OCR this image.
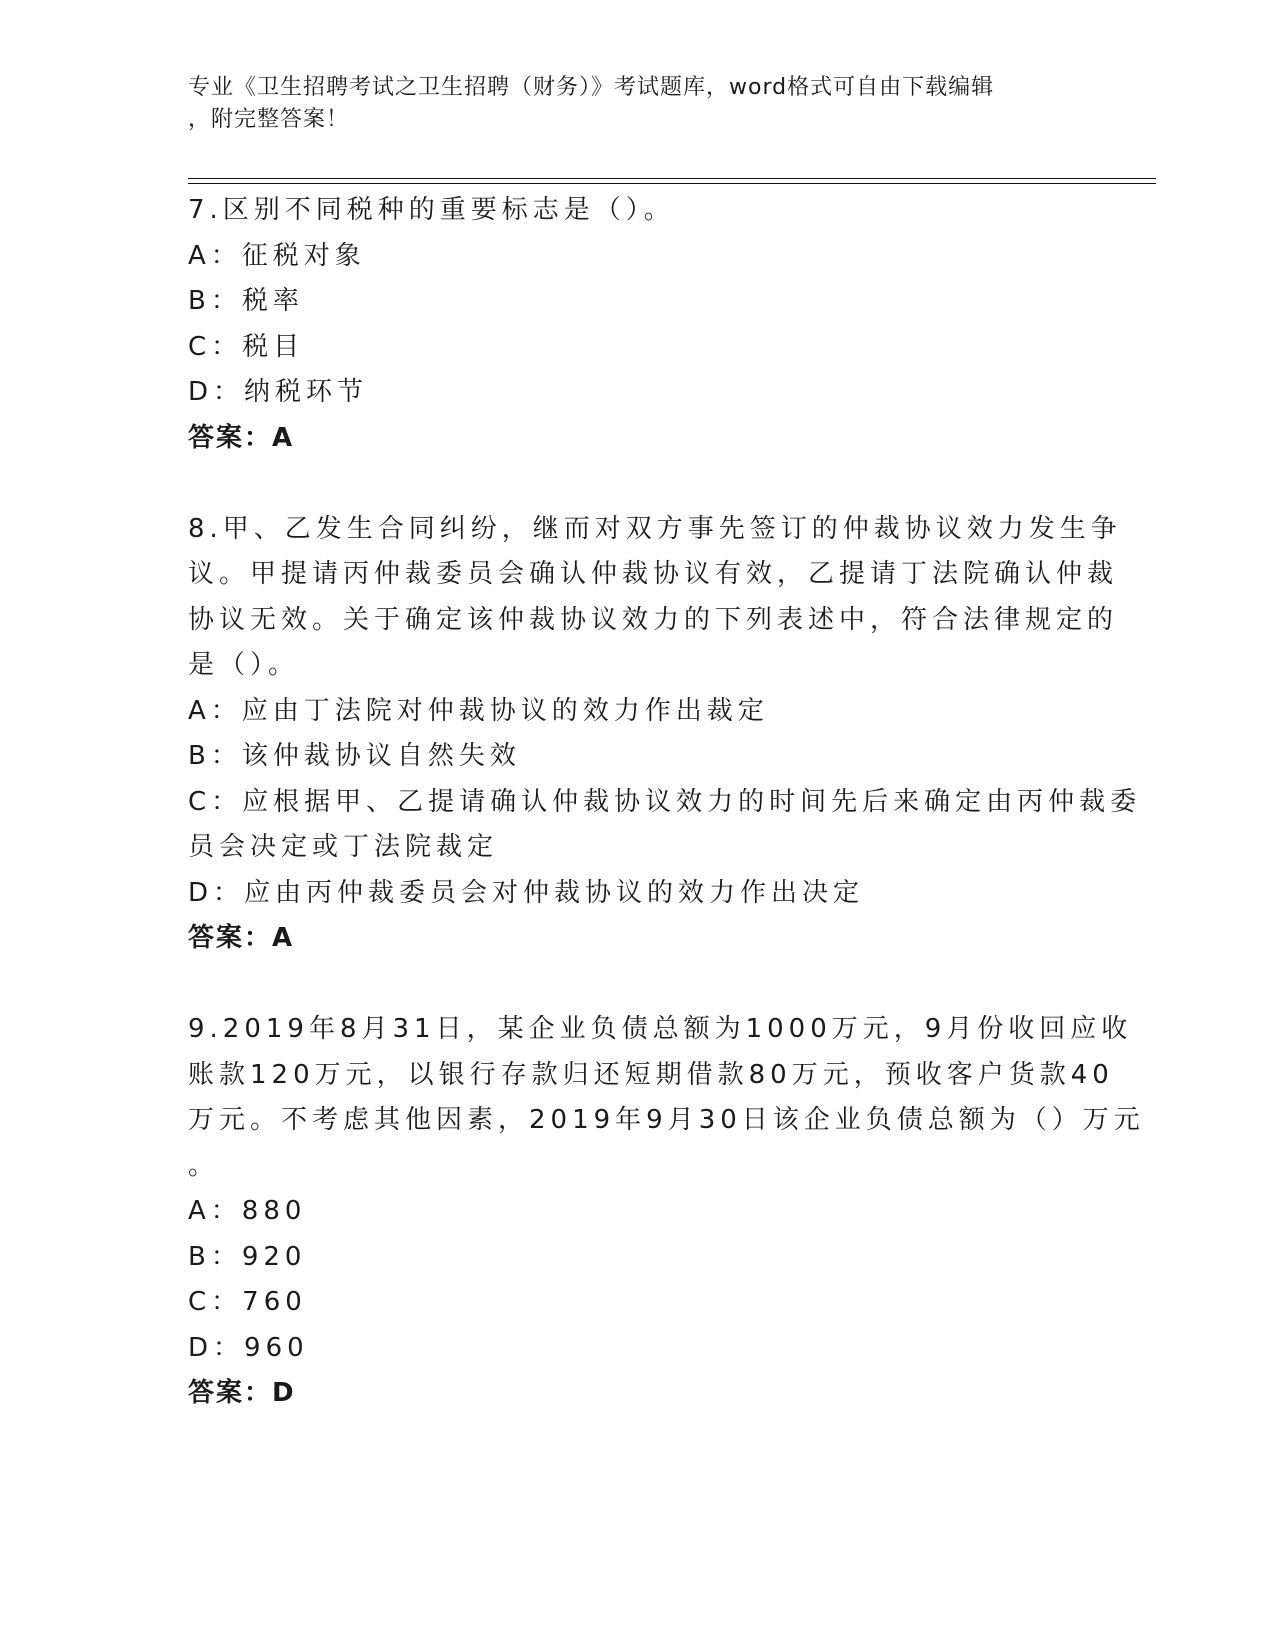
专业《卫生招聘考试之卫生招聘（财务）》考试题库，word格式可自由下载编辑
，附完整答案！
7.区别不同税种的重要标志是（）。
A：征税对象
B：税率
C：税目
D：纳税环节
答案：A
8.甲、乙发生合同纠纷，继而对双方事先签订的仲裁协议效力发生争
议。甲提请丙仲裁委员会确认仲裁协议有效，乙提请丁法院确认仲裁
协议无效。关于确定该仲裁协议效力的下列表述中，符合法律规定的
是（）。
A：应由丁法院对仲裁协议的效力作出裁定
B：该仲裁协议自然失效
C：应根据甲、乙提请确认仲裁协议效力的时间先后来确定由丙仲裁委
员会决定或丁法院裁定
D：应由丙仲裁委员会对仲裁协议的效力作出决定
答案：A
9.2019年8月31日，某企业负债总额为1000万元，9月份收回应收
账款120万元，以银行存款归还短期借款80万元，预收客户货款40
万元。不考虑其他因素，2019年9月30日该企业负债总额为（）万元
。
A：880
B：920
C：760
D：960
答案：D
